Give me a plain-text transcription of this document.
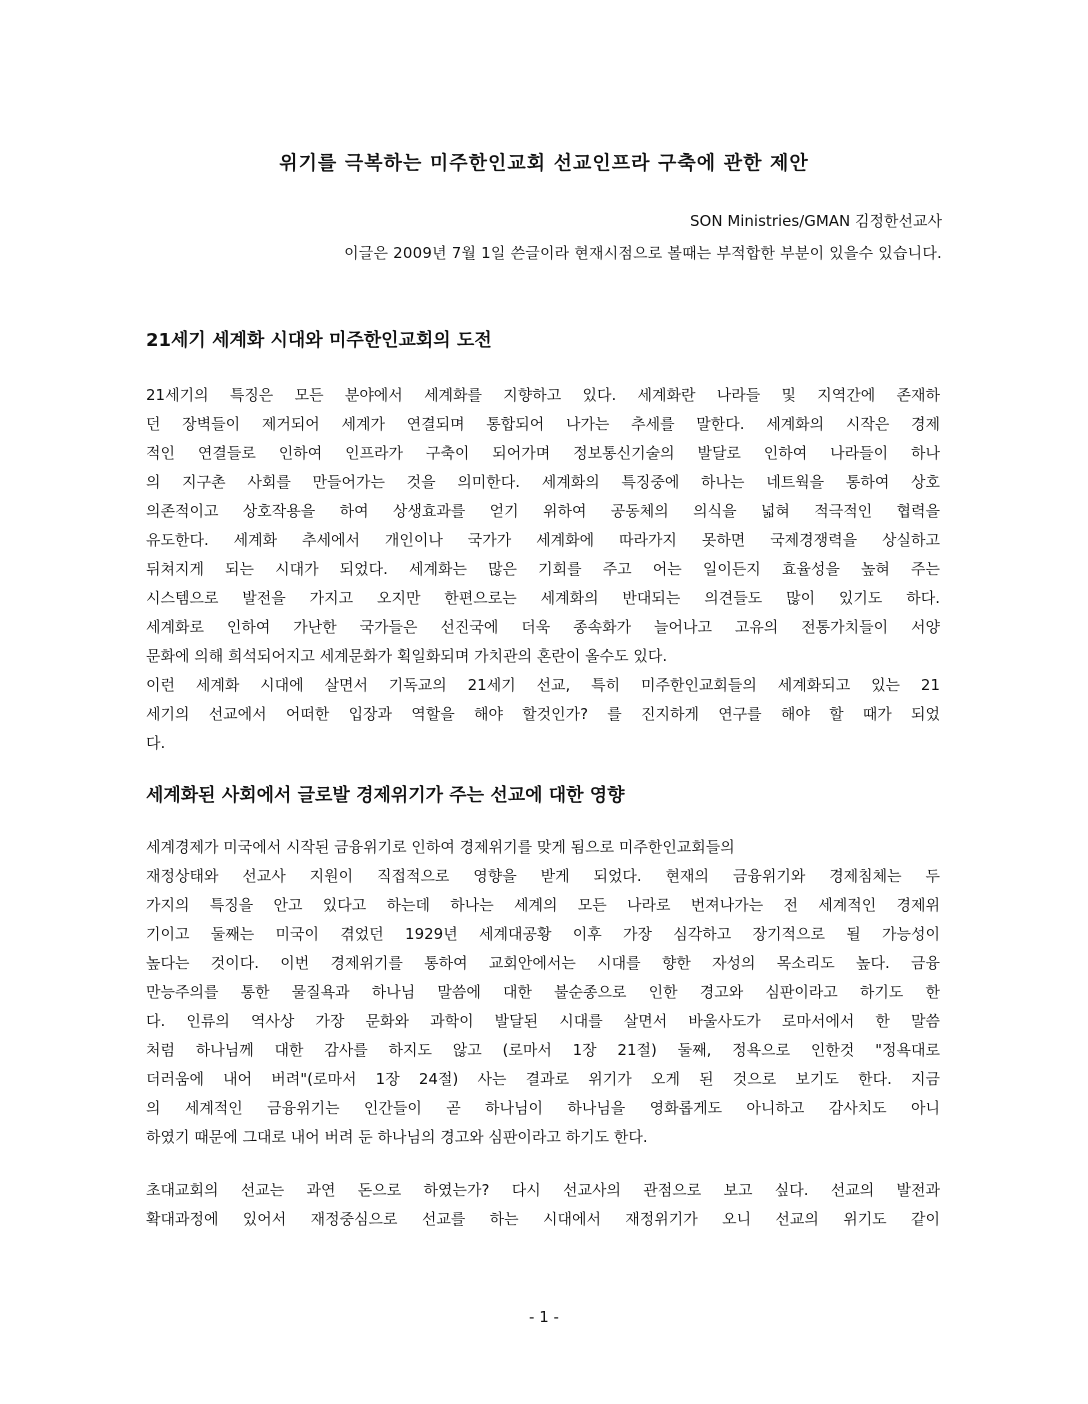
위기를 극복하는 미주한인교회 선교인프라 구축에 관한 제안
SON Ministries/GMAN 김정한선교사
이글은 2009년 7월 1일 쓴글이라 현재시점으로 볼때는 부적합한 부분이 있을수 있습니다.
21세기 세계화 시대와 미주한인교회의 도전
21세기의 특징은 모든 분야에서 세계화를 지향하고 있다. 세계화란 나라들 및 지역간에 존재하
던 장벽들이 제거되어 세계가 연결되며 통합되어 나가는 추세를 말한다. 세계화의 시작은 경제
적인 연결들로 인하여 인프라가 구축이 되어가며 정보통신기술의 발달로 인하여 나라들이 하나
의 지구촌 사회를 만들어가는 것을 의미한다. 세계화의 특징중에 하나는 네트웍을 통하여 상호
의존적이고 상호작용을 하여 상생효과를 얻기 위하여 공동체의 의식을 넓혀 적극적인 협력을
유도한다. 세계화 추세에서 개인이나 국가가 세계화에 따라가지 못하면 국제경쟁력을 상실하고
뒤쳐지게 되는 시대가 되었다. 세계화는 많은 기회를 주고 어는 일이든지 효율성을 높혀 주는
시스템으로 발전을 가지고 오지만 한편으로는 세계화의 반대되는 의견들도 많이 있기도 하다.
세계화로 인하여 가난한 국가들은 선진국에 더욱 종속화가 늘어나고 고유의 전통가치들이 서양
문화에 의해 희석되어지고 세계문화가 획일화되며 가치관의 혼란이 올수도 있다.
이런 세계화 시대에 살면서 기독교의 21세기 선교, 특히 미주한인교회들의 세계화되고 있는 21
세기의 선교에서 어떠한 입장과 역할을 해야 할것인가? 를 진지하게 연구를 해야 할 때가 되었
다.
세계화된 사회에서 글로발 경제위기가 주는 선교에 대한 영향
세계경제가 미국에서 시작된 금융위기로 인하여 경제위기를 맞게 됨으로 미주한인교회들의
재정상태와 선교사 지원이 직접적으로 영향을 받게 되었다. 현재의 금융위기와 경제침체는 두
가지의 특징을 안고 있다고 하는데 하나는 세계의 모든 나라로 번져나가는 전 세계적인 경제위
기이고 둘째는 미국이 겪었던 1929년 세계대공황 이후 가장 심각하고 장기적으로 될 가능성이
높다는 것이다. 이번 경제위기를 통하여 교회안에서는 시대를 향한 자성의 목소리도 높다. 금융
만능주의를 통한 물질욕과 하나님 말씀에 대한 불순종으로 인한 경고와 심판이라고 하기도 한
다. 인류의 역사상 가장 문화와 과학이 발달된 시대를 살면서 바울사도가 로마서에서 한 말씀
처럼 하나님께 대한 감사를 하지도 않고 (로마서 1장 21절) 둘째, 정욕으로 인한것 "정욕대로
더러움에 내어 버려"(로마서 1장 24절) 사는 결과로 위기가 오게 된 것으로 보기도 한다. 지금
의 세계적인 금융위기는 인간들이 곧 하나님이 하나님을 영화롭게도 아니하고 감사치도 아니
하였기 때문에 그대로 내어 버려 둔 하나님의 경고와 심판이라고 하기도 한다.
초대교회의 선교는 과연 돈으로 하였는가? 다시 선교사의 관점으로 보고 싶다. 선교의 발전과
확대과정에 있어서 재정중심으로 선교를 하는 시대에서 재정위기가 오니 선교의 위기도 같이
- 1 -
